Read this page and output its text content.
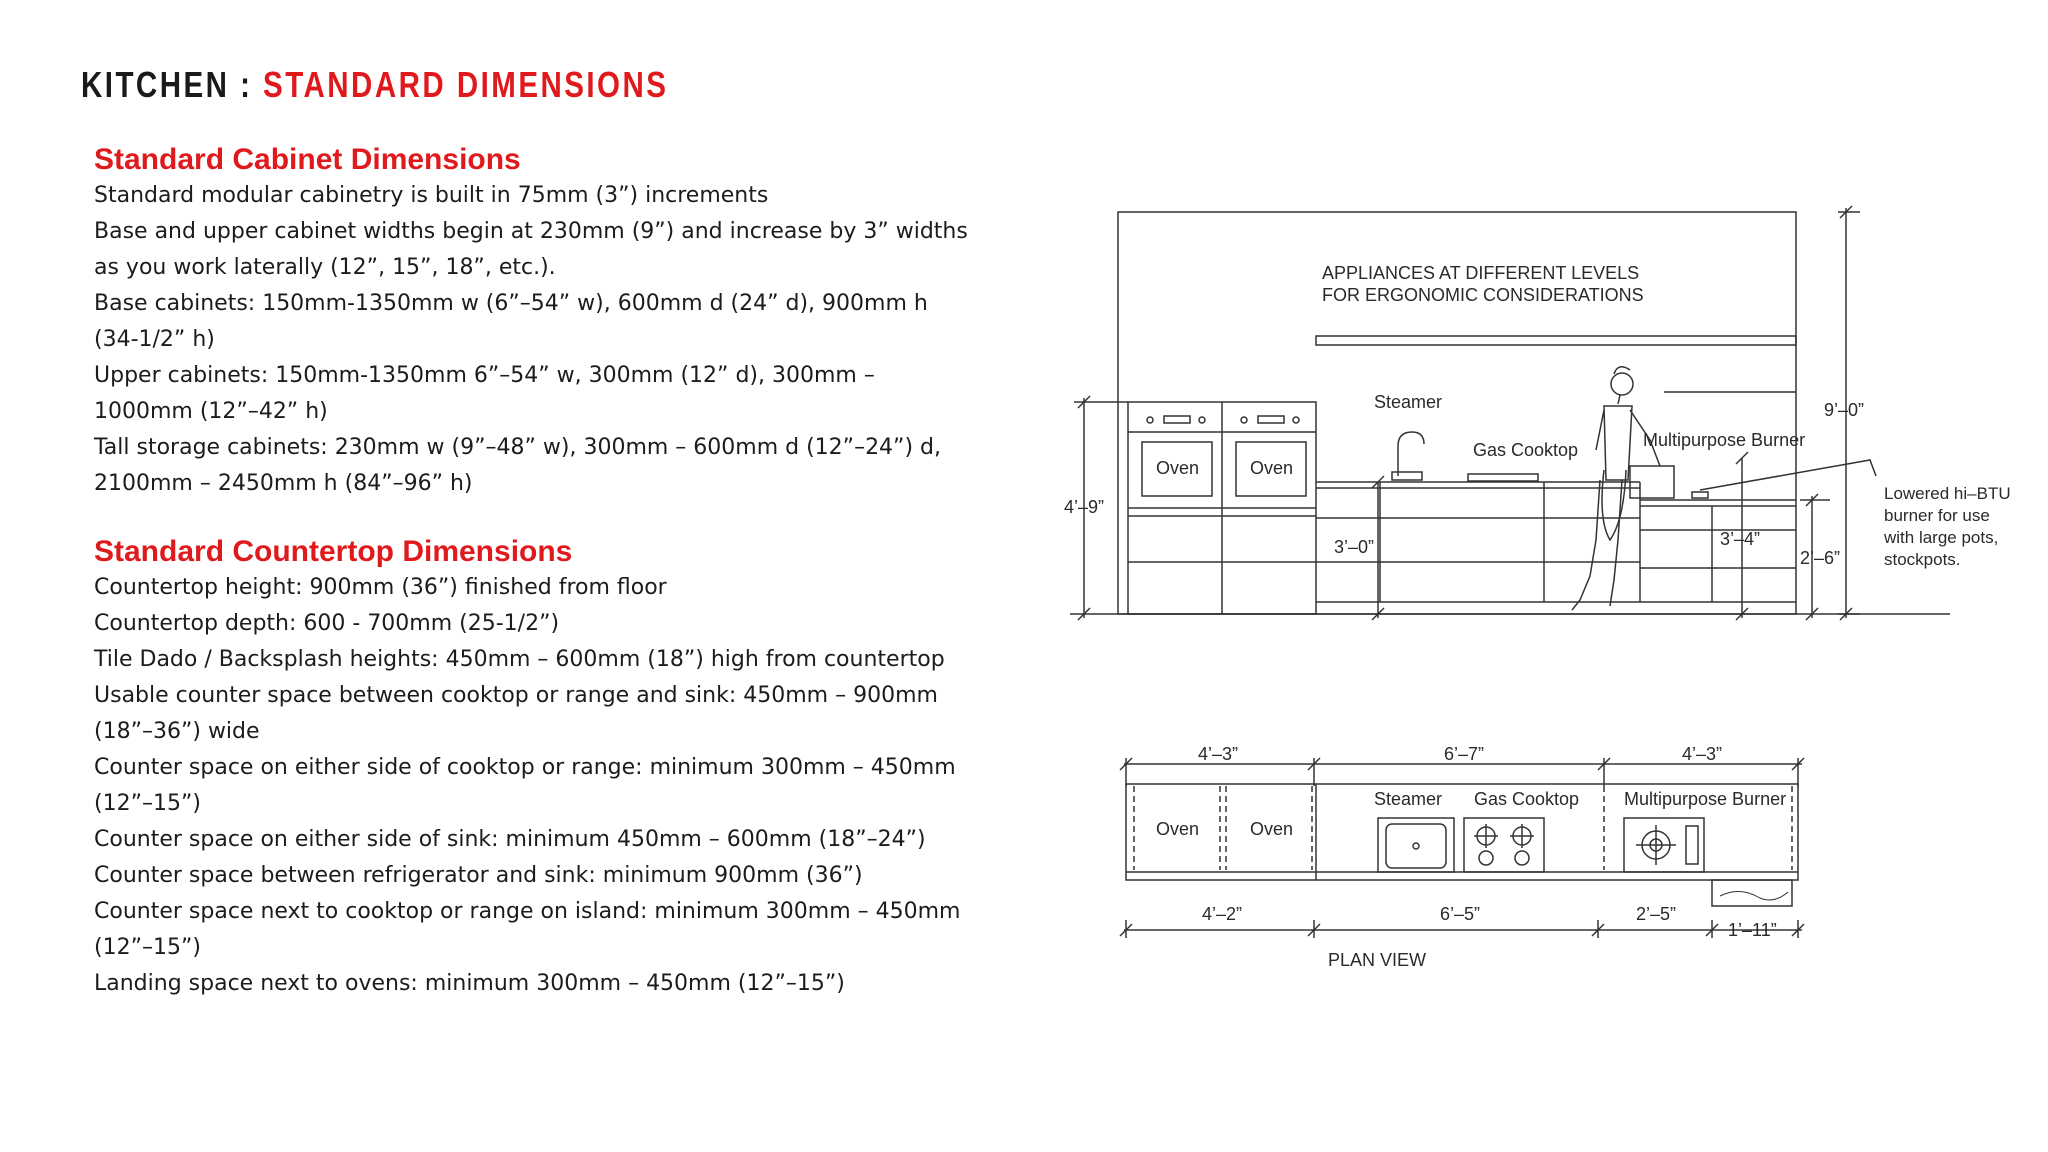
KITCHEN : STANDARD DIMENSIONS
Standard Cabinet Dimensions

Standard modular cabinetry is built in 75mm (3”) increments

Base and upper cabinet widths begin at 230mm (9”) and increase by 3” widths

as you work laterally (12”, 15”, 18”, etc.).

Base cabinets: 150mm-1350mm w (6”–54” w), 600mm d (24” d), 900mm h

(34-1/2” h)

Upper cabinets: 150mm-1350mm 6”–54” w, 300mm (12” d), 300mm –

1000mm (12”–42” h)

Tall storage cabinets: 230mm w (9”–48” w), 300mm – 600mm d (12”–24”) d,

2100mm – 2450mm h (84”–96” h)

Standard Countertop Dimensions

Countertop height: 900mm (36”) finished from floor

Countertop depth: 600 - 700mm (25-1/2”)

Tile Dado / Backsplash heights: 450mm – 600mm (18”) high from countertop

Usable counter space between cooktop or range and sink: 450mm – 900mm

(18”–36”) wide

Counter space on either side of cooktop or range: minimum 300mm – 450mm

(12”–15”)

Counter space on either side of sink: minimum 450mm – 600mm (18”–24”)

Counter space between refrigerator and sink: minimum 900mm (36”)

Counter space next to cooktop or range on island: minimum 300mm – 450mm

(12”–15”)

Landing space next to ovens: minimum 300mm – 450mm (12”–15”)

APPLIANCES AT DIFFERENT LEVELS
FOR ERGONOMIC CONSIDERATIONS
Oven	Oven
Steamer
Gas Cooktop	Multipurpose Burner
9’–0”
4’–9”
3’–0”	3’–4”
2’–6”
Lowered hi–BTU
burner for use
with large pots,
stockpots.
4’–3”	6’–7”	4’–3”
Oven	Oven
Steamer Gas Cooktop Multipurpose Burner
4’–2”	6’–5”	2’–5”
1’–11”
PLAN VIEW
